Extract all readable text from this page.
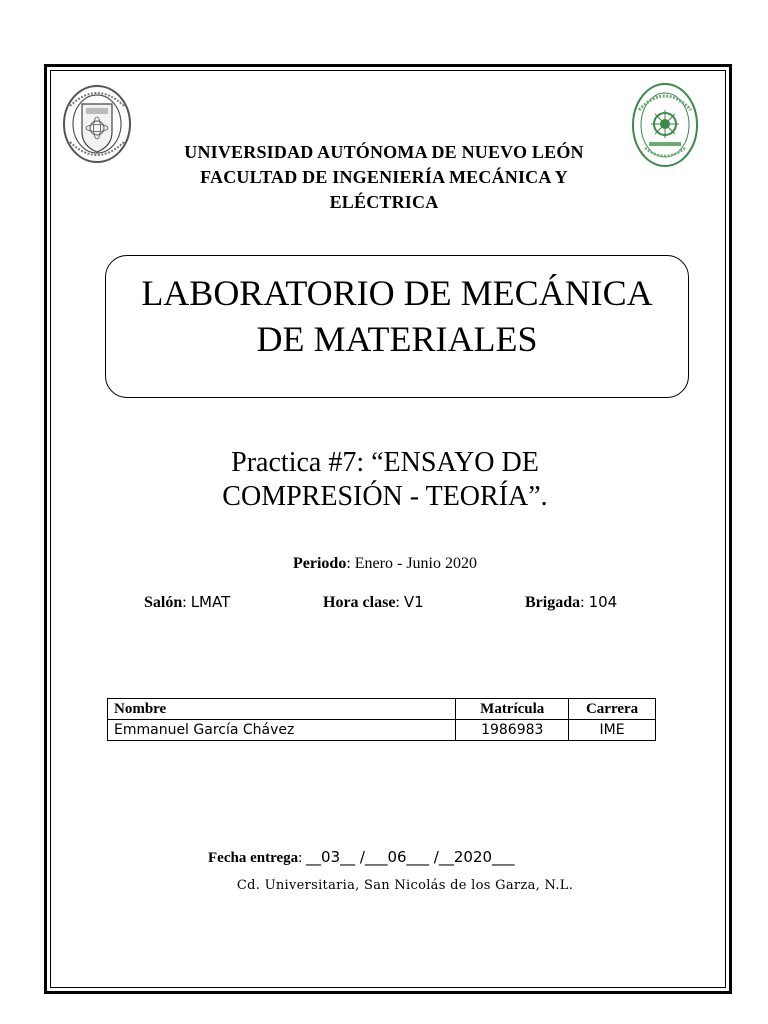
UNIVERSIDAD AUTÓNOMA DE NUEVO LEÓN
FACULTAD DE INGENIERÍA MECÁNICA Y
ELÉCTRICA
LABORATORIO DE MECÁNICA
DE MATERIALES
Practica #7: “ENSAYO DE
COMPRESIÓN - TEORÍA”.
Periodo: Enero - Junio 2020
Salón: LMAT	Hora clase: V1	Brigada: 104
Nombre	Matrícula	Carrera
Emmanuel García Chávez	1986983	IME
Fecha entrega: __03__ /___06___ /__2020___
Cd. Universitaria, San Nicolás de los Garza, N.L.
